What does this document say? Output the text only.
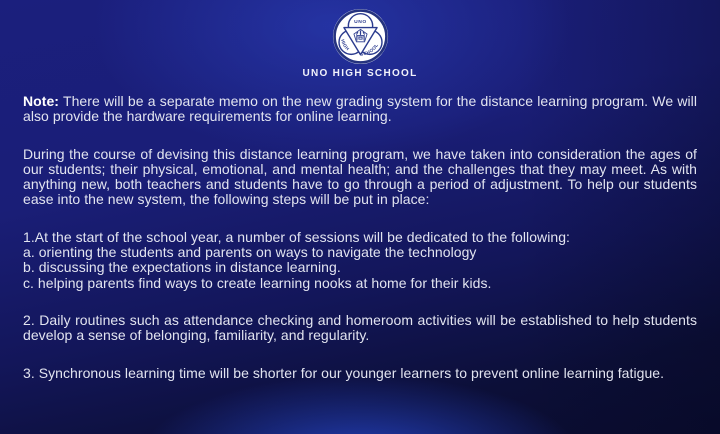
UNO
HIGH SCHOOL
UNO HIGH SCHOOL

Note: There will be a separate memo on the new grading system for the distance learning program. We will also provide the hardware requirements for online learning.

During the course of devising this distance learning program, we have taken into consideration the ages of our students; their physical, emotional, and mental health; and the challenges that they may meet. As with anything new, both teachers and students have to go through a period of adjustment. To help our students ease into the new system, the following steps will be put in place:

1.At the start of the school year, a number of sessions will be dedicated to the following:
a. orienting the students and parents on ways to navigate the technology
b. discussing the expectations in distance learning.
c. helping parents find ways to create learning nooks at home for their kids.

2. Daily routines such as attendance checking and homeroom activities will be established to help students develop a sense of belonging, familiarity, and regularity.

3. Synchronous learning time will be shorter for our younger learners to prevent online learning fatigue.
